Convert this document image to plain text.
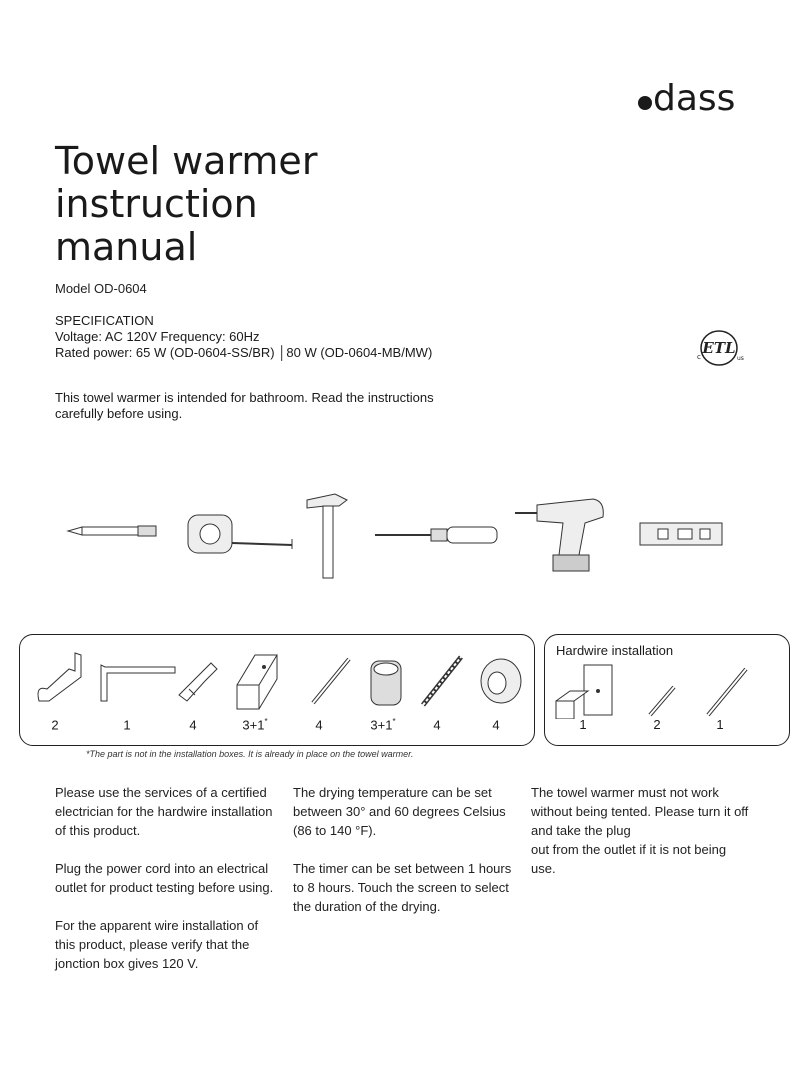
dass
Towel warmer
instruction
manual
Model OD-0604
SPECIFICATION
Voltage: AC 120V Frequency: 60Hz
Rated power: 65 W (OD-0604-SS/BR) │80 W (OD-0604-MB/MW)	ETL
c	us
This towel warmer is intended for bathroom. Read the instructions carefully before using.
2	1	4	3+1*	4	3+1*	4	4
Hardwire installation
1	2	1
*The part is not in the installation boxes. It is already in place on the towel warmer.

Please use the services of a certified electrician for the hardwire installation of this product.

Plug the power cord into an electrical outlet for product testing before using.

For the apparent wire installation of this product, please verify that the jonction box gives 120 V.

The drying temperature can be set between 30° and 60 degrees Celsius (86 to 140 °F).

The timer can be set between 1 hours to 8 hours. Touch the screen to select the duration of the drying.

The towel warmer must not work without being tented. Please turn it off and take the plug
out from the outlet if it is not being use.
